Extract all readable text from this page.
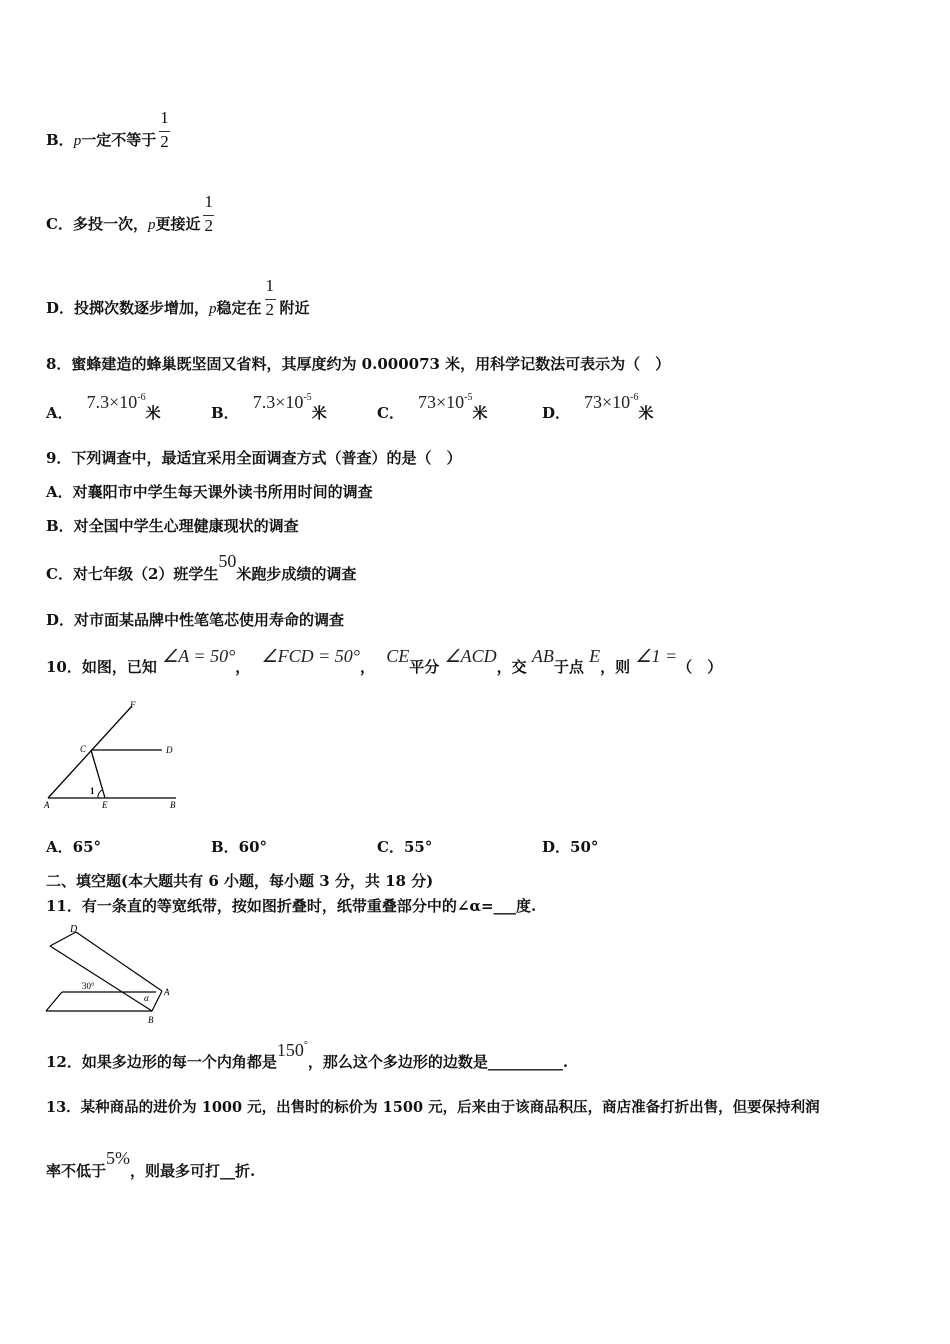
B．p一定不等于 $\frac{1}{2}$
C．多投一次，p更接近 $\frac{1}{2}$
D．投掷次数逐步增加，p稳定在 $\frac{1}{2}$ 附近
8．蜜蜂建造的蜂巢既坚固又省料，其厚度约为 0.000073 米，用科学记数法可表示为（　）
A．$7.3\times 10^{-6}$米	B．$7.3\times 10^{-5}$米	C．$73\times 10^{-5}$米	D．$73\times 10^{-6}$米
9．下列调查中，最适宜采用全面调查方式（普查）的是（　）
A．对襄阳市中学生每天课外读书所用时间的调查
B．对全国中学生心理健康现状的调查
C．对七年级（2）班学生50米跑步成绩的调查
D．对市面某品牌中性笔笔芯使用寿命的调查
10．如图，已知 ∠A = 50°， ∠FCD = 50°， CE平分 ∠ACD，交 AB于点 E，则 ∠1 =（　）
F
C	D
A	E	B
1
A．65°	B．60°	C．55°	D．50°
二、填空题(本大题共有 6 小题，每小题 3 分，共 18 分)
11．有一条直的等宽纸带，按如图折叠时，纸带重叠部分中的∠α=___度.
D
30°
α
A
B
12．如果多边形的每一个内角都是150°，那么这个多边形的边数是__________.
13．某种商品的进价为 1000 元，出售时的标价为 1500 元，后来由于该商品积压，商店准备打折出售，但要保持利润
率不低于5%，则最多可打__折.
